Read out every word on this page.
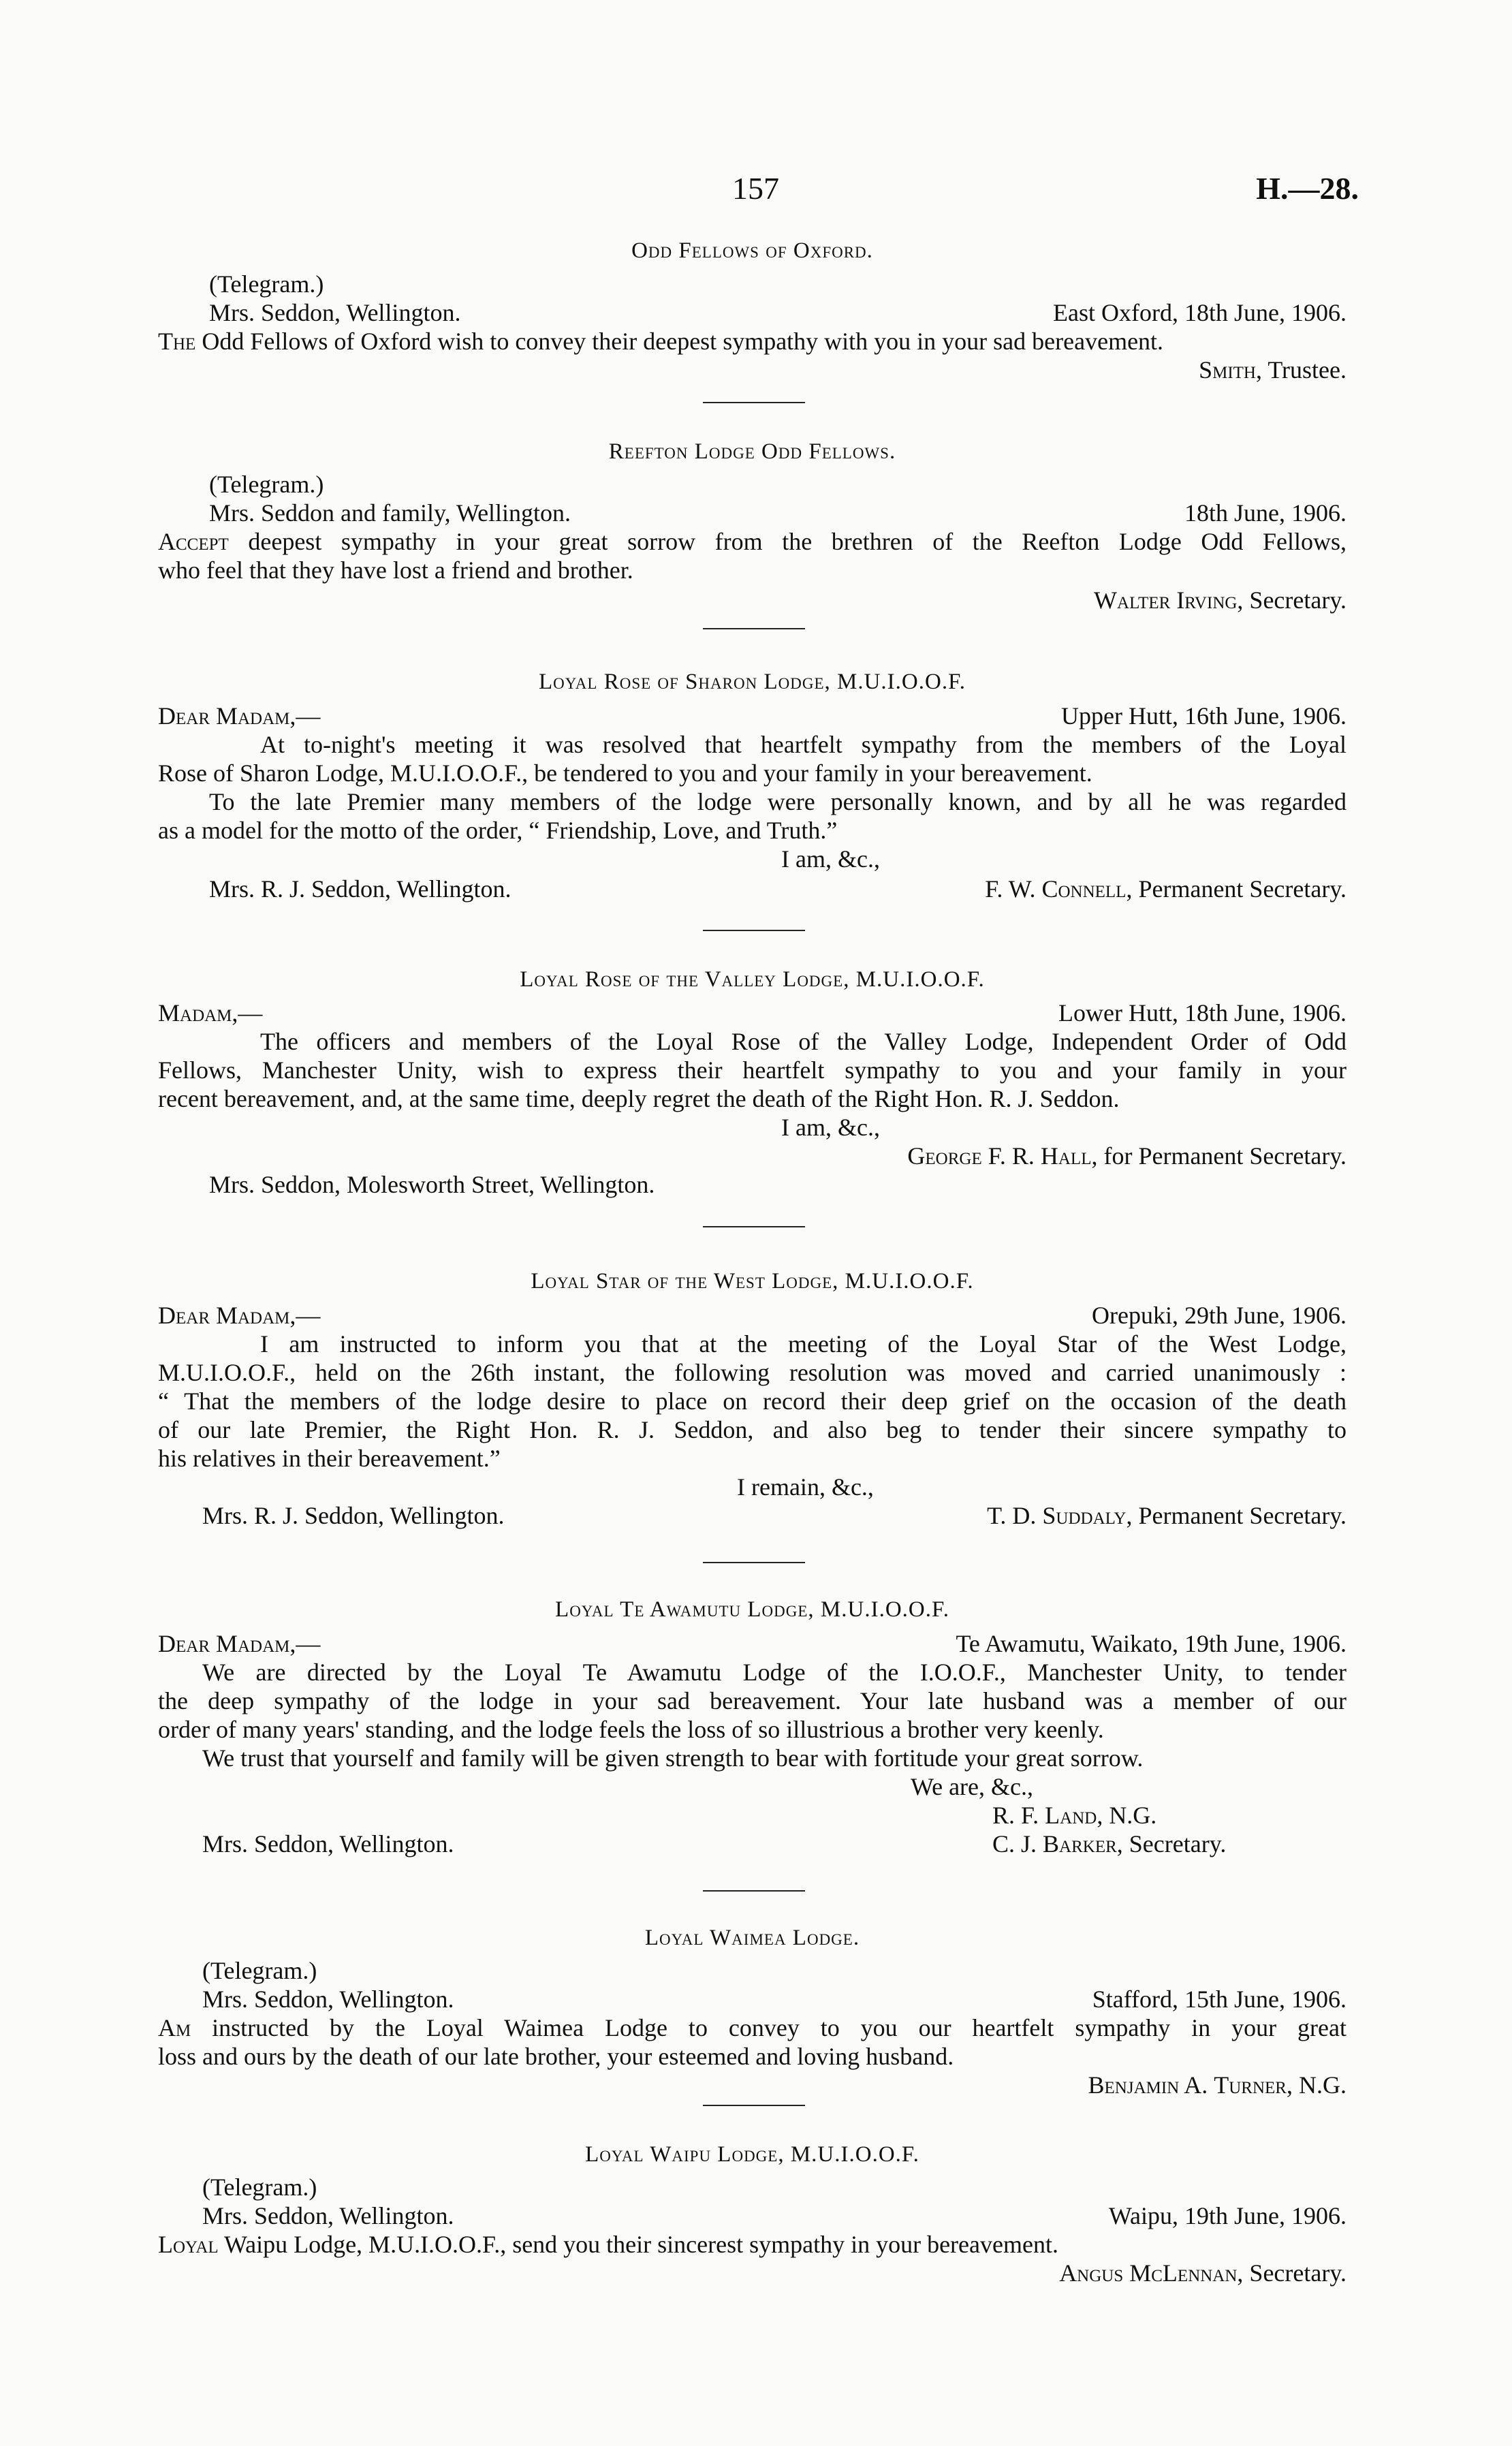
157	H.—28.
Odd Fellows of Oxford.
(Telegram.)
Mrs. Seddon, Wellington.	East Oxford, 18th June, 1906.
The Odd Fellows of Oxford wish to convey their deepest sympathy with you in your sad bereavement.
Smith, Trustee.
Reefton Lodge Odd Fellows.
(Telegram.)
Mrs. Seddon and family, Wellington.	18th June, 1906.
Accept deepest sympathy in your great sorrow from the brethren of the Reefton Lodge Odd Fellows,
who feel that they have lost a friend and brother.
Walter Irving, Secretary.
Loyal Rose of Sharon Lodge, M.U.I.O.O.F.
Dear Madam,—	Upper Hutt, 16th June, 1906.
At to-night's meeting it was resolved that heartfelt sympathy from the members of the Loyal
Rose of Sharon Lodge, M.U.I.O.O.F., be tendered to you and your family in your bereavement.
To the late Premier many members of the lodge were personally known, and by all he was regarded
as a model for the motto of the order, “ Friendship, Love, and Truth.”
I am, &c.,
Mrs. R. J. Seddon, Wellington.	F. W. Connell, Permanent Secretary.
Loyal Rose of the Valley Lodge, M.U.I.O.O.F.
Madam,—	Lower Hutt, 18th June, 1906.
The officers and members of the Loyal Rose of the Valley Lodge, Independent Order of Odd
Fellows, Manchester Unity, wish to express their heartfelt sympathy to you and your family in your
recent bereavement, and, at the same time, deeply regret the death of the Right Hon. R. J. Seddon.
I am, &c.,
George F. R. Hall, for Permanent Secretary.
Mrs. Seddon, Molesworth Street, Wellington.
Loyal Star of the West Lodge, M.U.I.O.O.F.
Dear Madam,—	Orepuki, 29th June, 1906.
I am instructed to inform you that at the meeting of the Loyal Star of the West Lodge,
M.U.I.O.O.F., held on the 26th instant, the following resolution was moved and carried unanimously :
“ That the members of the lodge desire to place on record their deep grief on the occasion of the death
of our late Premier, the Right Hon. R. J. Seddon, and also beg to tender their sincere sympathy to
his relatives in their bereavement.”
I remain, &c.,
Mrs. R. J. Seddon, Wellington.	T. D. Suddaly, Permanent Secretary.
Loyal Te Awamutu Lodge, M.U.I.O.O.F.
Dear Madam,—	Te Awamutu, Waikato, 19th June, 1906.
We are directed by the Loyal Te Awamutu Lodge of the I.O.O.F., Manchester Unity, to tender
the deep sympathy of the lodge in your sad bereavement. Your late husband was a member of our
order of many years' standing, and the lodge feels the loss of so illustrious a brother very keenly.
We trust that yourself and family will be given strength to bear with fortitude your great sorrow.
We are, &c.,
R. F. Land, N.G.
Mrs. Seddon, Wellington.	C. J. Barker, Secretary.
Loyal Waimea Lodge.
(Telegram.)
Mrs. Seddon, Wellington.	Stafford, 15th June, 1906.
Am instructed by the Loyal Waimea Lodge to convey to you our heartfelt sympathy in your great
loss and ours by the death of our late brother, your esteemed and loving husband.
Benjamin A. Turner, N.G.
Loyal Waipu Lodge, M.U.I.O.O.F.
(Telegram.)
Mrs. Seddon, Wellington.	Waipu, 19th June, 1906.
Loyal Waipu Lodge, M.U.I.O.O.F., send you their sincerest sympathy in your bereavement.
Angus McLennan, Secretary.
